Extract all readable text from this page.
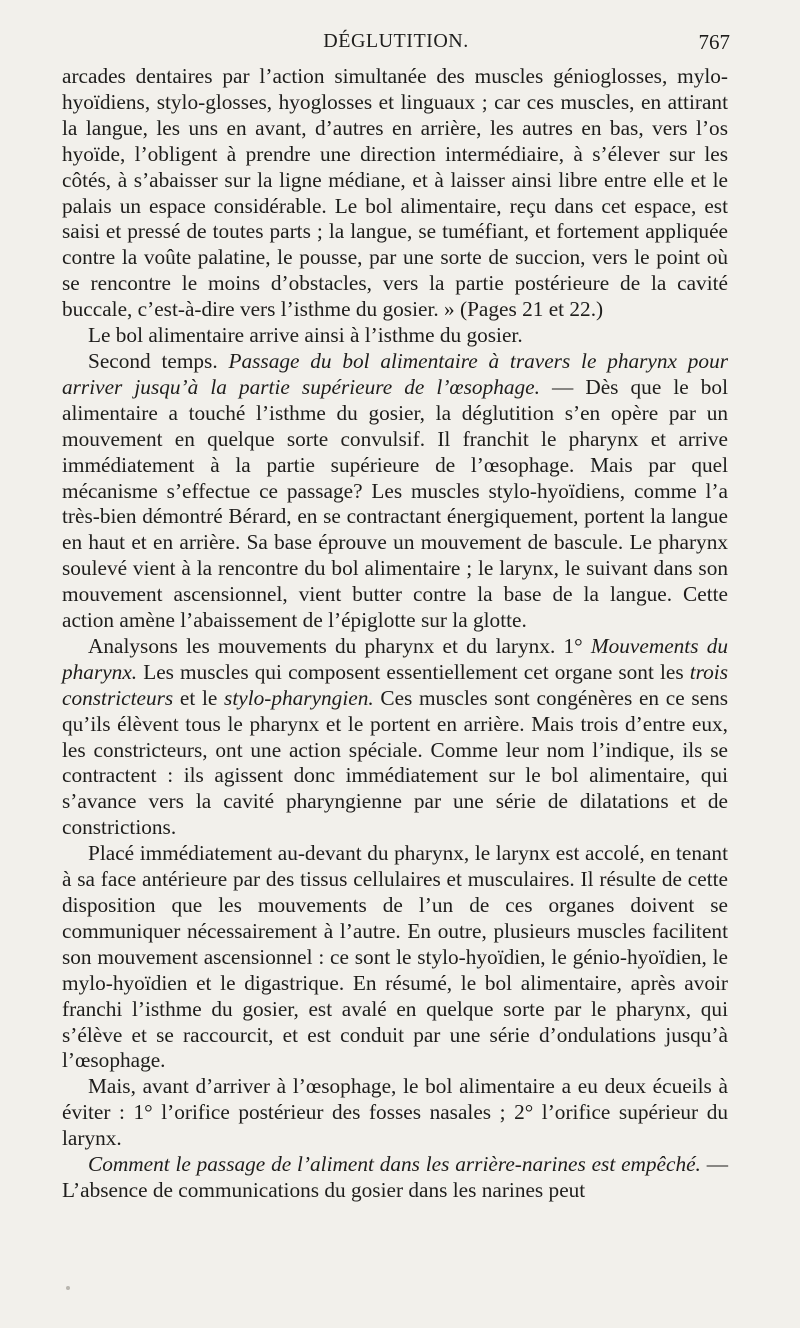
DÉGLUTITION.	767

arcades dentaires par l’action simultanée des muscles génioglosses, mylo-hyoïdiens, stylo-glosses, hyoglosses et linguaux ; car ces muscles, en attirant la langue, les uns en avant, d’autres en arrière, les autres en bas, vers l’os hyoïde, l’obligent à prendre une direction intermédiaire, à s’élever sur les côtés, à s’abaisser sur la ligne médiane, et à laisser ainsi libre entre elle et le palais un espace considérable. Le bol alimentaire, reçu dans cet espace, est saisi et pressé de toutes parts ; la langue, se tuméfiant, et fortement appliquée contre la voûte palatine, le pousse, par une sorte de succion, vers le point où se rencontre le moins d’obstacles, vers la partie postérieure de la cavité buccale, c’est-à-dire vers l’isthme du gosier. » (Pages 21 et 22.)

Le bol alimentaire arrive ainsi à l’isthme du gosier.

Second temps. Passage du bol alimentaire à travers le pharynx pour arriver jusqu’à la partie supérieure de l’œsophage. — Dès que le bol alimentaire a touché l’isthme du gosier, la déglutition s’en opère par un mouvement en quelque sorte convulsif. Il franchit le pharynx et arrive immédiatement à la partie supérieure de l’œsophage. Mais par quel mécanisme s’effectue ce passage? Les muscles stylo-hyoïdiens, comme l’a très-bien démontré Bérard, en se contractant énergiquement, portent la langue en haut et en arrière. Sa base éprouve un mouvement de bascule. Le pharynx soulevé vient à la rencontre du bol alimentaire ; le larynx, le suivant dans son mouvement ascensionnel, vient butter contre la base de la langue. Cette action amène l’abaissement de l’épiglotte sur la glotte.

Analysons les mouvements du pharynx et du larynx. 1° Mouvements du pharynx. Les muscles qui composent essentiellement cet organe sont les trois constricteurs et le stylo-pharyngien. Ces muscles sont congénères en ce sens qu’ils élèvent tous le pharynx et le portent en arrière. Mais trois d’entre eux, les constricteurs, ont une action spéciale. Comme leur nom l’indique, ils se contractent : ils agissent donc immédiatement sur le bol alimentaire, qui s’avance vers la cavité pharyngienne par une série de dilatations et de constrictions.

Placé immédiatement au-devant du pharynx, le larynx est accolé, en tenant à sa face antérieure par des tissus cellulaires et musculaires. Il résulte de cette disposition que les mouvements de l’un de ces organes doivent se communiquer nécessairement à l’autre. En outre, plusieurs muscles facilitent son mouvement ascensionnel : ce sont le stylo-hyoïdien, le génio-hyoïdien, le mylo-hyoïdien et le digastrique. En résumé, le bol alimentaire, après avoir franchi l’isthme du gosier, est avalé en quelque sorte par le pharynx, qui s’élève et se raccourcit, et est conduit par une série d’ondulations jusqu’à l’œsophage.

Mais, avant d’arriver à l’œsophage, le bol alimentaire a eu deux écueils à éviter : 1° l’orifice postérieur des fosses nasales ; 2° l’orifice supérieur du larynx.

Comment le passage de l’aliment dans les arrière-narines est empêché. — L’absence de communications du gosier dans les narines peut
